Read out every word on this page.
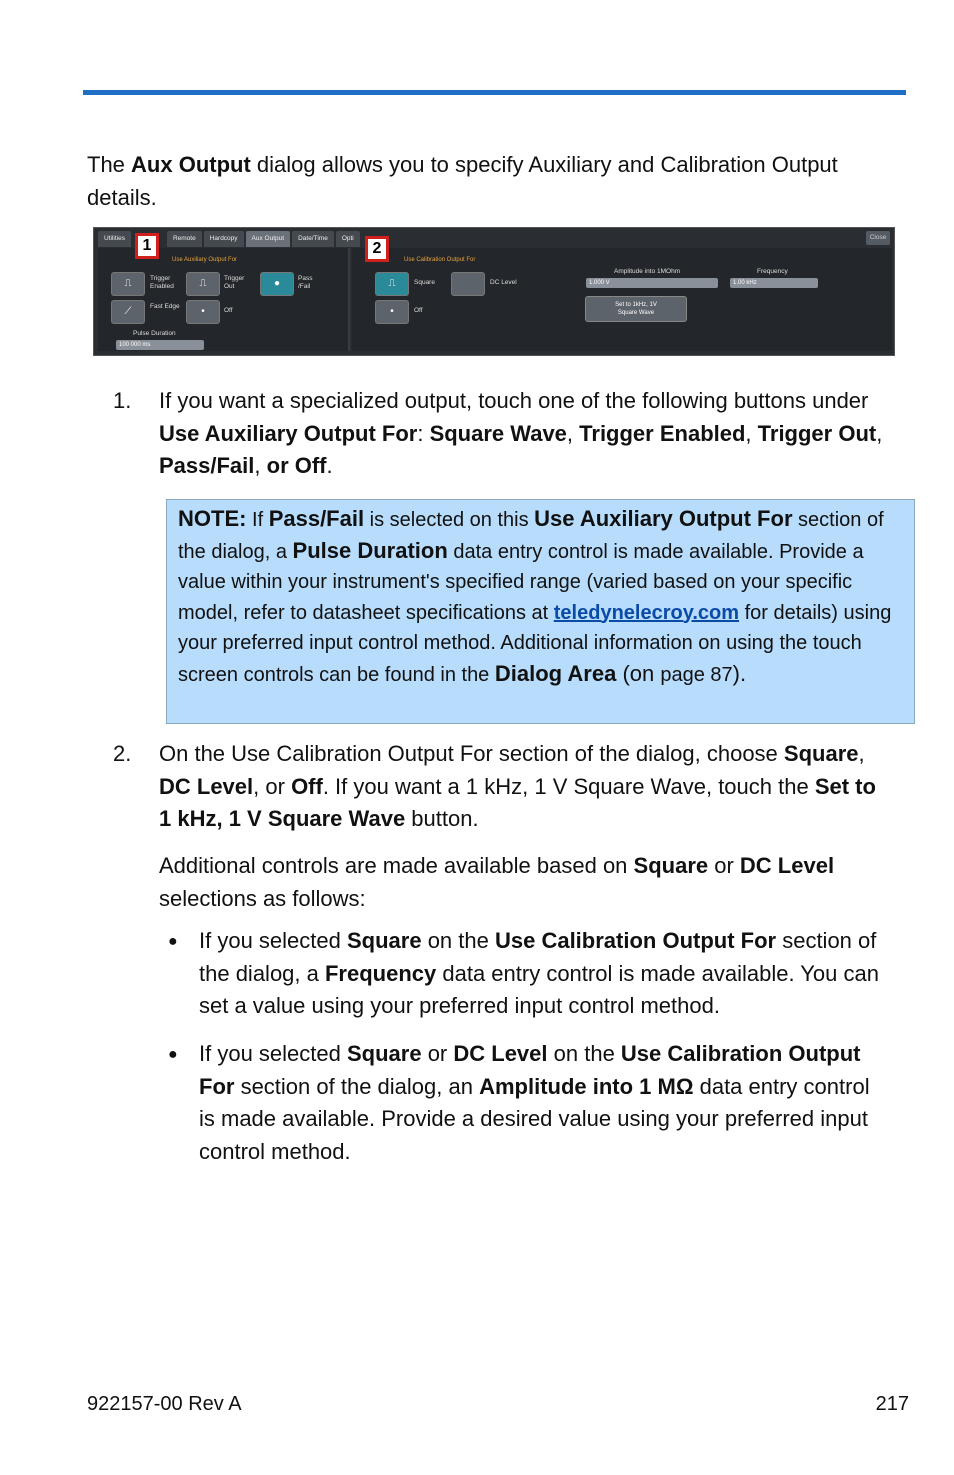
The Aux Output dialog allows you to specify Auxiliary and Calibration Output details.
Utilities	Remote	Hardcopy	Aux Output	Date/Time	Opti	Close
Use Auxiliary Output For
⎍	Trigger Enabled	⎍	Trigger Out	●	Pass /Fail
⟋	Fast Edge	•	Off
Pulse Duration
100 000 ms
Use Calibration Output For
⎍	Square	DC Level
•	Off
Amplitude into 1MOhm
1.000 V
Frequency
1.00 kHz
Set to 1kHz, 1V
Square Wave
1	2
1. If you want a specialized output, touch one of the following buttons under Use Auxiliary Output For: Square Wave, Trigger Enabled, Trigger Out, Pass/Fail, or Off.
NOTE: If Pass/Fail is selected on this Use Auxiliary Output For section of the dialog, a Pulse Duration data entry control is made available. Provide a value within your instrument's specified range (varied based on your specific model, refer to datasheet specifications at teledynelecroy.com for details) using your preferred input control method. Additional information on using the touch screen controls can be found in the Dialog Area (on page 87).
2. On the Use Calibration Output For section of the dialog, choose Square, DC Level, or Off. If you want a 1 kHz, 1 V Square Wave, touch the Set to 1 kHz, 1 V Square Wave button.
Additional controls are made available based on Square or DC Level selections as follows:
● If you selected Square on the Use Calibration Output For section of the dialog, a Frequency data entry control is made available. You can set a value using your preferred input control method.
● If you selected Square or DC Level on the Use Calibration Output For section of the dialog, an Amplitude into 1 MΩ data entry control is made available. Provide a desired value using your preferred input control method.
922157-00 Rev A	217
